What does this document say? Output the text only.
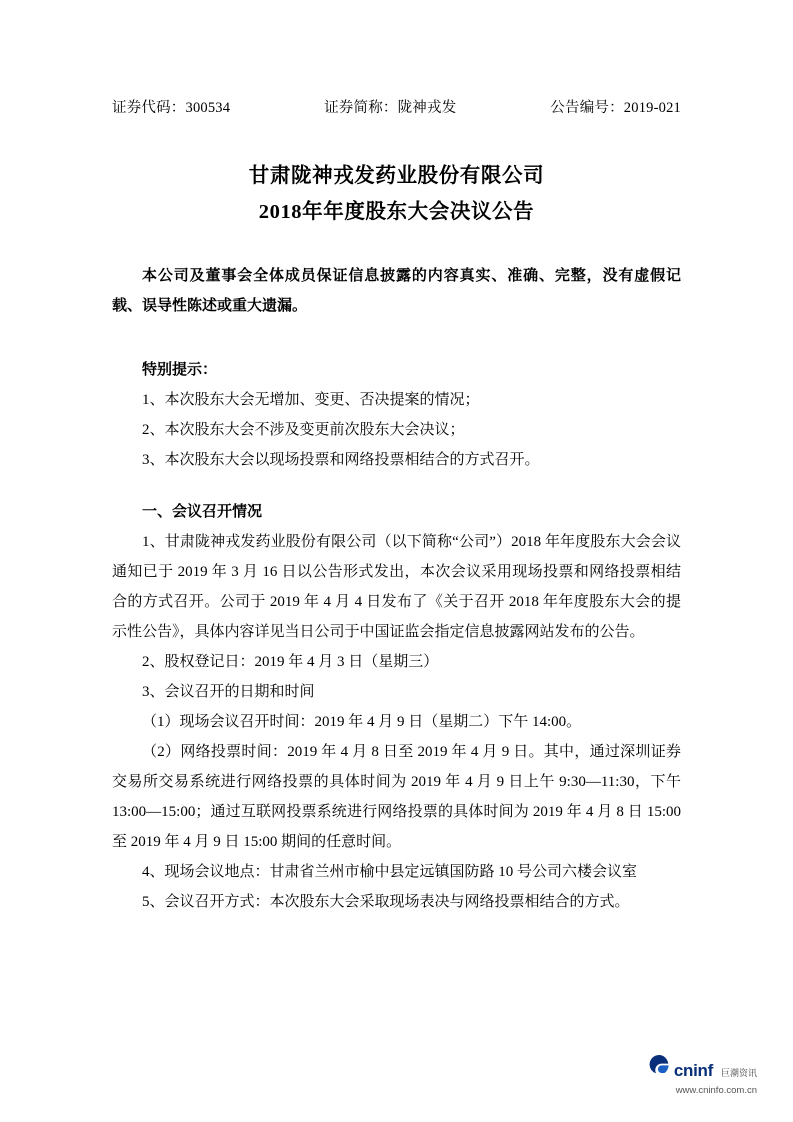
证券代码：300534	证券简称：陇神戎发	公告编号：2019-021
甘肃陇神戎发药业股份有限公司
2018年年度股东大会决议公告
本公司及董事会全体成员保证信息披露的内容真实、准确、完整，没有虚假记载、误导性陈述或重大遗漏。
特别提示：
1、本次股东大会无增加、变更、否决提案的情况；
2、本次股东大会不涉及变更前次股东大会决议；
3、本次股东大会以现场投票和网络投票相结合的方式召开。
一、会议召开情况
1、甘肃陇神戎发药业股份有限公司（以下简称“公司”）2018 年年度股东大会会议通知已于 2019 年 3 月 16 日以公告形式发出，本次会议采用现场投票和网络投票相结合的方式召开。公司于 2019 年 4 月 4 日发布了《关于召开 2018 年年度股东大会的提示性公告》，具体内容详见当日公司于中国证监会指定信息披露网站发布的公告。
2、股权登记日：2019 年 4 月 3 日（星期三）
3、会议召开的日期和时间
（1）现场会议召开时间：2019 年 4 月 9 日（星期二）下午 14:00。
（2）网络投票时间：2019 年 4 月 8 日至 2019 年 4 月 9 日。其中，通过深圳证券交易所交易系统进行网络投票的具体时间为 2019 年 4 月 9 日上午 9:30—11:30，下午 13:00—15:00；通过互联网投票系统进行网络投票的具体时间为 2019 年 4 月 8 日 15:00 至 2019 年 4 月 9 日 15:00 期间的任意时间。
4、现场会议地点：甘肃省兰州市榆中县定远镇国防路 10 号公司六楼会议室
5、会议召开方式：本次股东大会采取现场表决与网络投票相结合的方式。
cninf 巨潮资讯
www.cninfo.com.cn
